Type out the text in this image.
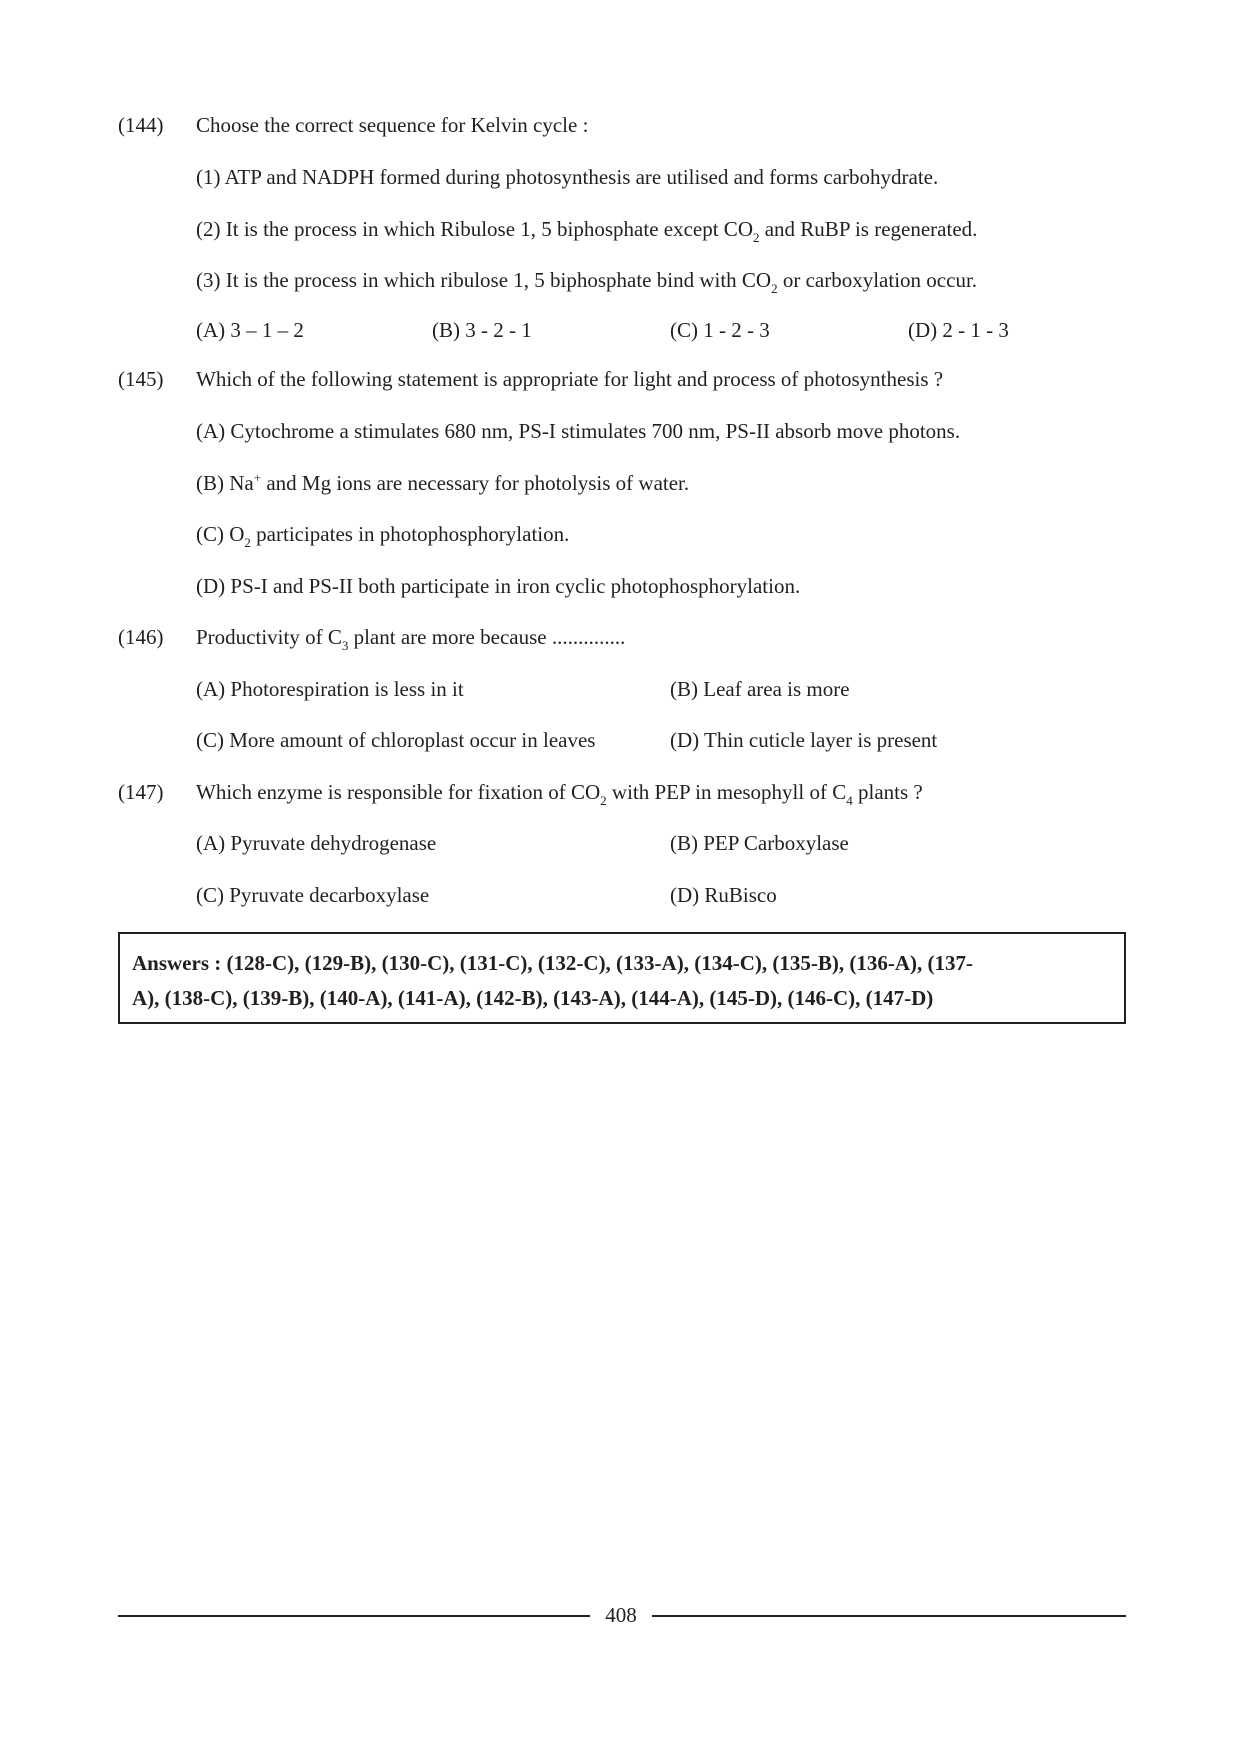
(144) Choose the correct sequence for Kelvin cycle :
(1) ATP and NADPH formed during photosynthesis are utilised and forms carbohydrate.
(2) It is the process in which Ribulose 1, 5 biphosphate except $CO_2$ and RuBP is regenerated.
(3) It is the process in which ribulose 1, 5 biphosphate bind with $CO_2$ or carboxylation occur.
(A) 3 – 1 – 2	(B) 3 - 2 - 1	(C) 1 - 2 - 3	(D) 2 - 1 - 3
(145) Which of the following statement is appropriate for light and process of photosynthesis ?
(A) Cytochrome a stimulates 680 nm, PS-I stimulates 700 nm, PS-II absorb move photons.
(B) Na+ and Mg ions are necessary for photolysis of water.
(C) $O_2$ participates in photophosphorylation.
(D) PS-I and PS-II both participate in iron cyclic photophosphorylation.
(146) Productivity of $C_3$ plant are more because ..............
(A) Photorespiration is less in it	(B) Leaf area is more
(C) More amount of chloroplast occur in leaves	(D) Thin cuticle layer is present
(147) Which enzyme is responsible for fixation of $CO_2$ with PEP in mesophyll of $C_4$ plants ?
(A) Pyruvate dehydrogenase	(B) PEP Carboxylase
(C) Pyruvate decarboxylase	(D) RuBisco
Answers : (128-C), (129-B), (130-C), (131-C), (132-C), (133-A), (134-C), (135-B), (136-A), (137-
A), (138-C), (139-B), (140-A), (141-A), (142-B), (143-A), (144-A), (145-D), (146-C), (147-D)
408
